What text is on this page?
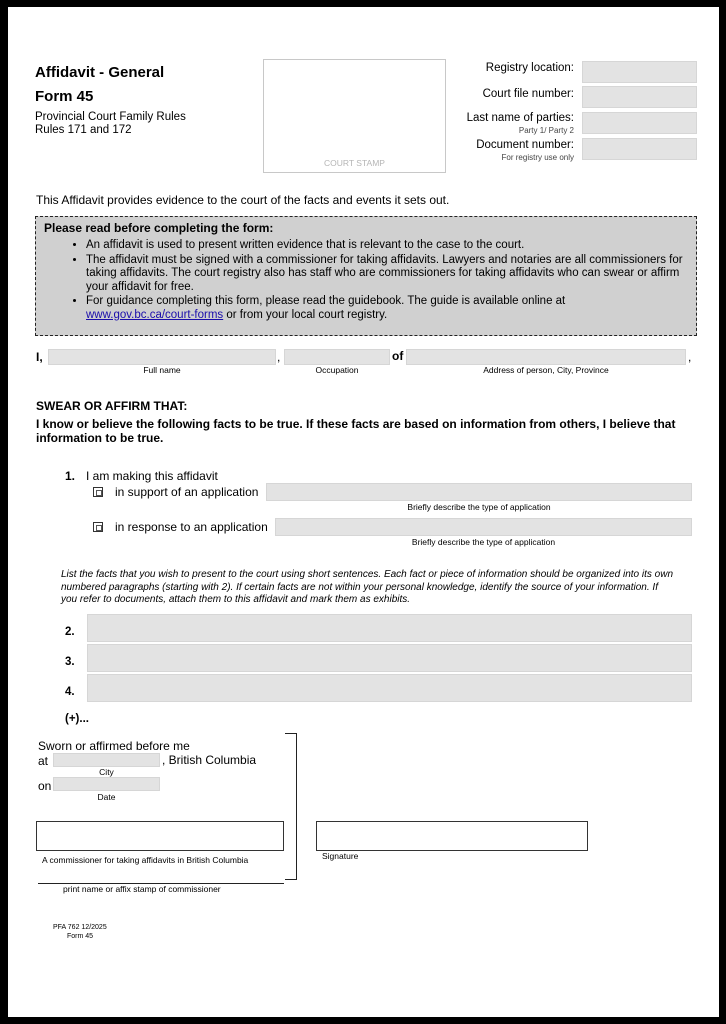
Affidavit - General
Form 45
Provincial Court Family Rules
Rules 171 and 172
COURT STAMP
Registry location:
Court file number:
Last name of parties:
Party 1/ Party 2
Document number:
For registry use only
This Affidavit provides evidence to the court of the facts and events it sets out.
Please read before completing the form:
• An affidavit is used to present written evidence that is relevant to the case to the court.
• The affidavit must be signed with a commissioner for taking affidavits. Lawyers and notaries are all commissioners for taking affidavits. The court registry also has staff who are commissioners for taking affidavits who can swear or affirm your affidavit for free.
• For guidance completing this form, please read the guidebook. The guide is available online at
www.gov.bc.ca/court-forms or from your local court registry.
I,	,	of	,
Full name	Occupation	Address of person, City, Province
SWEAR OR AFFIRM THAT:
I know or believe the following facts to be true. If these facts are based on information from others, I believe that information to be true.
1. I am making this affidavit
in support of an application
Briefly describe the type of application
in response to an application
Briefly describe the type of application
List the facts that you wish to present to the court using short sentences. Each fact or piece of information should be organized into its own numbered paragraphs (starting with 2). If certain facts are not within your personal knowledge, identify the source of your information. If you refer to documents, attach them to this affidavit and mark them as exhibits.
2.
3.
4.
(+)...
Sworn or affirmed before me
at	, British Columbia
City
on
Date
A commissioner for taking affidavits in British Columbia
print name or affix stamp of commissioner
Signature
PFA 762 12/2025
Form 45
